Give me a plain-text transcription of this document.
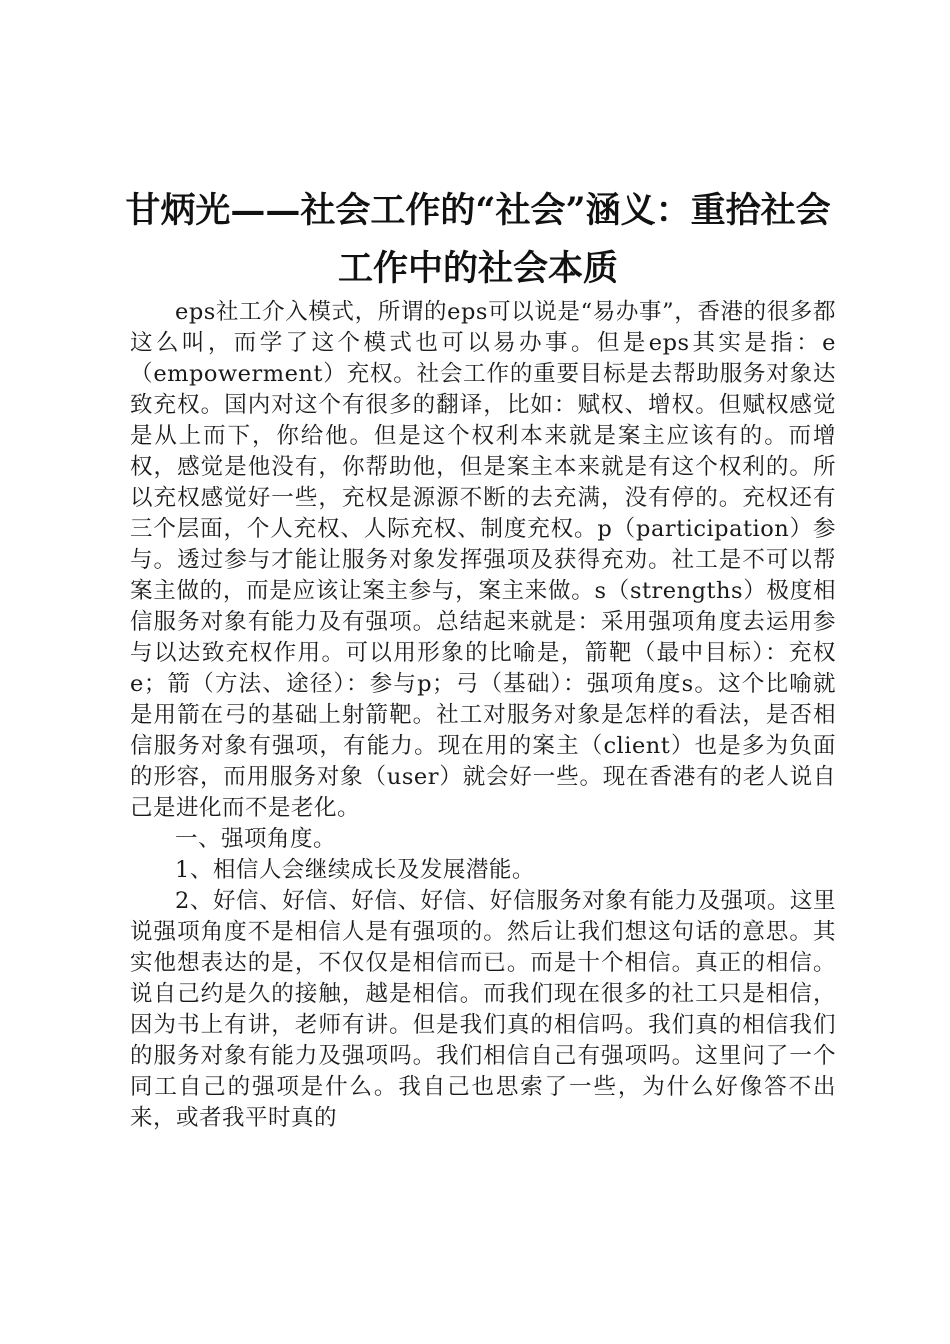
甘炳光——社会工作的“社会”涵义：重拾社会工作中的社会本质

eps社工介入模式，所谓的eps可以说是“易办事”，香港的很多都这么叫，而学了这个模式也可以易办事。但是eps其实是指：e（empowerment）充权。社会工作的重要目标是去帮助服务对象达致充权。国内对这个有很多的翻译，比如：赋权、增权。但赋权感觉是从上而下，你给他。但是这个权利本来就是案主应该有的。而增权，感觉是他没有，你帮助他，但是案主本来就是有这个权利的。所以充权感觉好一些，充权是源源不断的去充满，没有停的。充权还有三个层面，个人充权、人际充权、制度充权。p（participation）参与。透过参与才能让服务对象发挥强项及获得充劝。社工是不可以帮案主做的，而是应该让案主参与，案主来做。s（strengths）极度相信服务对象有能力及有强项。总结起来就是：采用强项角度去运用参与以达致充权作用。可以用形象的比喻是，箭靶（最中目标）：充权e；箭（方法、途径）：参与p；弓（基础）：强项角度s。这个比喻就是用箭在弓的基础上射箭靶。社工对服务对象是怎样的看法，是否相信服务对象有强项，有能力。现在用的案主（client）也是多为负面的形容，而用服务对象（user）就会好一些。现在香港有的老人说自己是进化而不是老化。

一、强项角度。

1、相信人会继续成长及发展潜能。

2、好信、好信、好信、好信、好信服务对象有能力及强项。这里说强项角度不是相信人是有强项的。然后让我们想这句话的意思。其实他想表达的是，不仅仅是相信而已。而是十个相信。真正的相信。说自己约是久的接触，越是相信。而我们现在很多的社工只是相信，因为书上有讲，老师有讲。但是我们真的相信吗。我们真的相信我们的服务对象有能力及强项吗。我们相信自己有强项吗。这里问了一个同工自己的强项是什么。我自己也思索了一些，为什么好像答不出来，或者我平时真的
